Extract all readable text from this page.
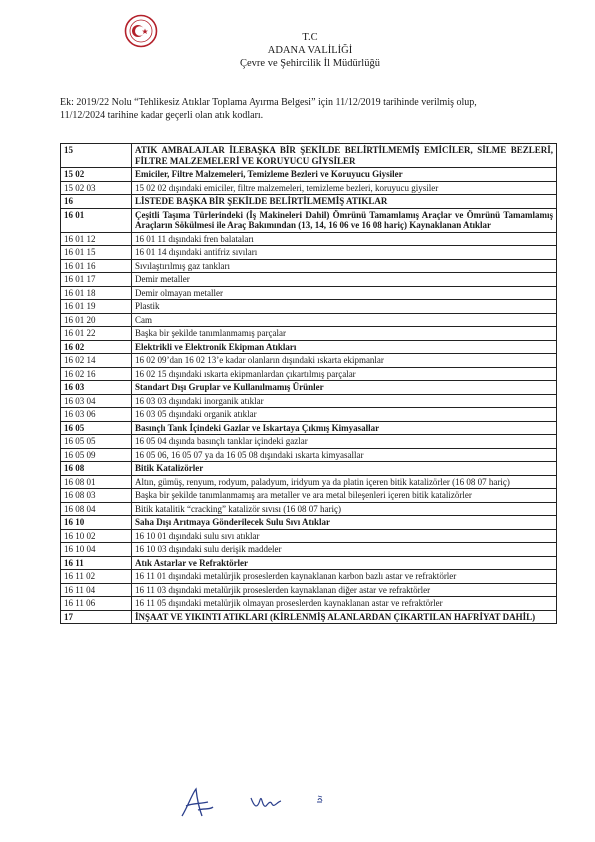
T.C
ADANA VALİLİĞİ
Çevre ve Şehircilik İl Müdürlüğü
Ek: 2019/22 Nolu “Tehlikesiz Atıklar Toplama Ayırma Belgesi” için 11/12/2019 tarihinde verilmiş olup,
11/12/2024 tarihine kadar geçerli olan atık kodları.
15	ATIK AMBALAJLAR İLEBAŞKA BİR ŞEKİLDE BELİRTİLMEMİŞ EMİCİLER, SİLME BEZLERİ, FİLTRE MALZEMELERİ VE KORUYUCU GİYSİLER
15 02	Emiciler, Filtre Malzemeleri, Temizleme Bezleri ve Koruyucu Giysiler
15 02 03	15 02 02 dışındaki emiciler, filtre malzemeleri, temizleme bezleri, koruyucu giysiler
16	LİSTEDE BAŞKA BİR ŞEKİLDE BELİRTİLMEMİŞ ATIKLAR
16 01	Çeşitli Taşıma Türlerindeki (İş Makineleri Dahil) Ömrünü Tamamlamış Araçlar ve Ömrünü Tamamlamış Araçların Sökülmesi ile Araç Bakımından (13, 14, 16 06 ve 16 08 hariç) Kaynaklanan Atıklar
16 01 12	16 01 11 dışındaki fren balataları
16 01 15	16 01 14 dışındaki antifriz sıvıları
16 01 16	Sıvılaştırılmış gaz tankları
16 01 17	Demir metaller
16 01 18	Demir olmayan metaller
16 01 19	Plastik
16 01 20	Cam
16 01 22	Başka bir şekilde tanımlanmamış parçalar
16 02	Elektrikli ve Elektronik Ekipman Atıkları
16 02 14	16 02 09’dan 16 02 13’e kadar olanların dışındaki ıskarta ekipmanlar
16 02 16	16 02 15 dışındaki ıskarta ekipmanlardan çıkartılmış parçalar
16 03	Standart Dışı Gruplar ve Kullanılmamış Ürünler
16 03 04	16 03 03 dışındaki inorganik atıklar
16 03 06	16 03 05 dışındaki organik atıklar
16 05	Basınçlı Tank İçindeki Gazlar ve Iskartaya Çıkmış Kimyasallar
16 05 05	16 05 04 dışında basınçlı tanklar içindeki gazlar
16 05 09	16 05 06, 16 05 07 ya da 16 05 08 dışındaki ıskarta kimyasallar
16 08	Bitik Katalizörler
16 08 01	Altın, gümüş, renyum, rodyum, paladyum, iridyum ya da platin içeren bitik katalizörler (16 08 07 hariç)
16 08 03	Başka bir şekilde tanımlanmamış ara metaller ve ara metal bileşenleri içeren bitik katalizörler
16 08 04	Bitik katalitik “cracking” katalizör sıvısı (16 08 07 hariç)
16 10	Saha Dışı Arıtmaya Gönderilecek Sulu Sıvı Atıklar
16 10 02	16 10 01 dışındaki sulu sıvı atıklar
16 10 04	16 10 03 dışındaki sulu derişik maddeler
16 11	Atık Astarlar ve Refraktörler
16 11 02	16 11 01 dışındaki metalürjik proseslerden kaynaklanan karbon bazlı astar ve refraktörler
16 11 04	16 11 03 dışındaki metalürjik proseslerden kaynaklanan diğer astar ve refraktörler
16 11 06	16 11 05 dışındaki metalürjik olmayan proseslerden kaynaklanan astar ve refraktörler
17	İNŞAAT VE YIKINTI ATIKLARI (KİRLENMİŞ ALANLARDAN ÇIKARTILAN HAFRİYAT DAHİL)
